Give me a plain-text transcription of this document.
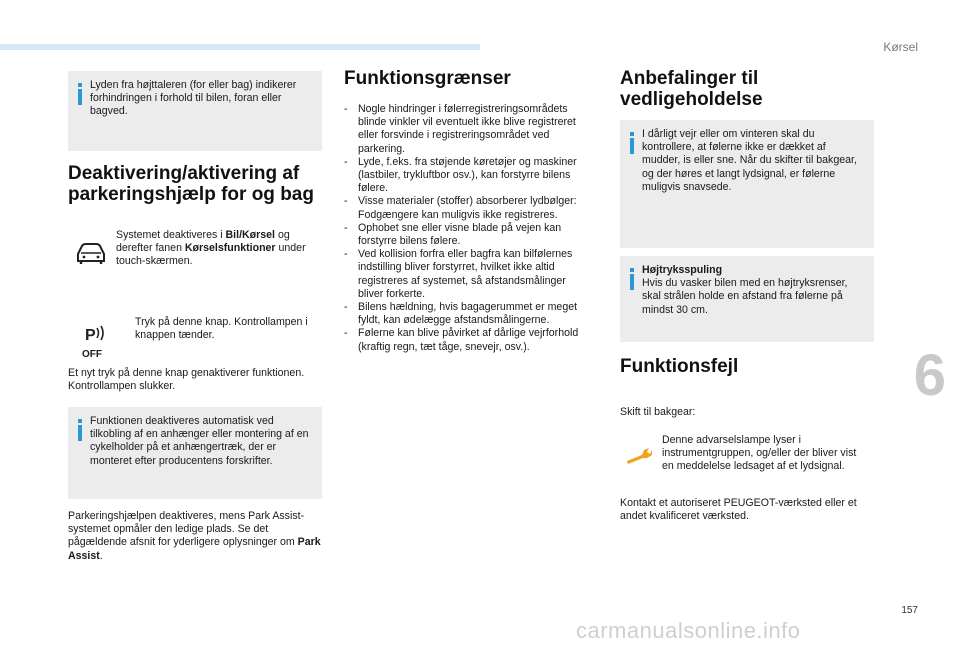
Kørsel
6
157
carmanualsonline.info
Lyden fra højttaleren (for eller bag) indikerer forhindringen i forhold til bilen, foran eller bagved.
Deaktivering/aktivering af
parkeringshjælp for og bag
Systemet deaktiveres i Bil/Kørsel og derefter fanen Kørselsfunktioner under touch-skærmen.
P
OFF
Tryk på denne knap. Kontrollampen i knappen tænder.
Et nyt tryk på denne knap genaktiverer funktionen. Kontrollampen slukker.
Funktionen deaktiveres automatisk ved tilkobling af en anhænger eller montering af en cykelholder på et anhængertræk, der er monteret efter producentens forskrifter.
Parkeringshjælpen deaktiveres, mens Park Assist-systemet opmåler den ledige plads. Se det pågældende afsnit for yderligere oplysninger om Park Assist.
Funktionsgrænser
- Nogle hindringer i følerregistreringsområdets blinde vinkler vil eventuelt ikke blive registreret eller forsvinde i registreringsområdet ved parkering.
- Lyde, f.eks. fra støjende køretøjer og maskiner (lastbiler, trykluftbor osv.), kan forstyrre bilens følere.
- Visse materialer (stoffer) absorberer lydbølger: Fodgængere kan muligvis ikke registreres.
- Ophobet sne eller visne blade på vejen kan forstyrre bilens følere.
- Ved kollision forfra eller bagfra kan bilfølernes indstilling bliver forstyrret, hvilket ikke altid registreres af systemet, så afstandsmålinger bliver forkerte.
- Bilens hældning, hvis bagagerummet er meget fyldt, kan ødelægge afstandsmålingerne.
- Følerne kan blive påvirket af dårlige vejrforhold (kraftig regn, tæt tåge, snevejr, osv.).
Anbefalinger til
vedligeholdelse
I dårligt vejr eller om vinteren skal du kontrollere, at følerne ikke er dækket af mudder, is eller sne. Når du skifter til bakgear, og der høres et langt lydsignal, er følerne muligvis snavsede.
Højtryksspuling
Hvis du vasker bilen med en højtryksrenser, skal strålen holde en afstand fra følerne på mindst 30 cm.
Funktionsfejl
Skift til bakgear:
Denne advarselslampe lyser i instrumentgruppen, og/eller der bliver vist en meddelelse ledsaget af et lydsignal.
Kontakt et autoriseret PEUGEOT-værksted eller et andet kvalificeret værksted.
